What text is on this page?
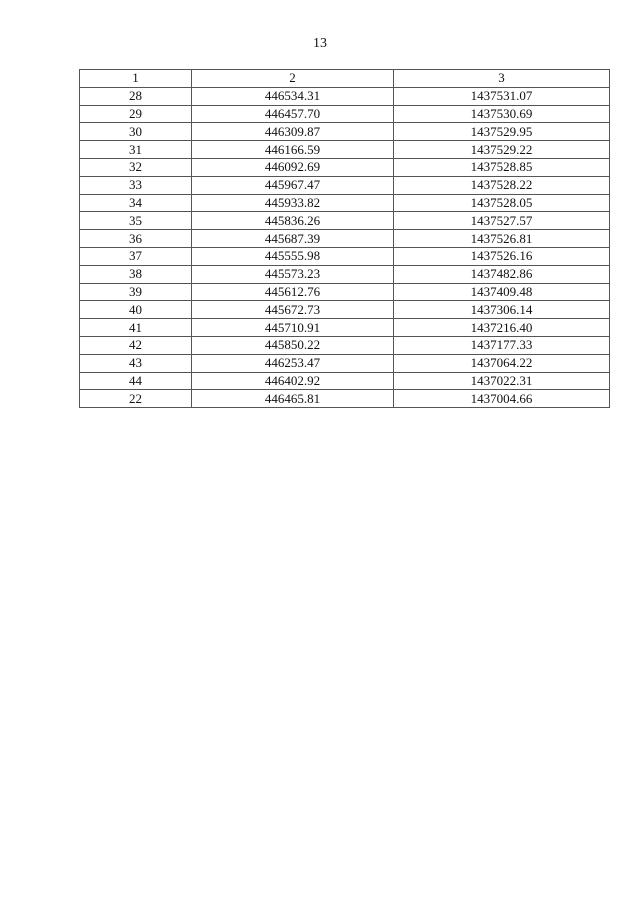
13
1	2	3
28	446534.31	1437531.07
29	446457.70	1437530.69
30	446309.87	1437529.95
31	446166.59	1437529.22
32	446092.69	1437528.85
33	445967.47	1437528.22
34	445933.82	1437528.05
35	445836.26	1437527.57
36	445687.39	1437526.81
37	445555.98	1437526.16
38	445573.23	1437482.86
39	445612.76	1437409.48
40	445672.73	1437306.14
41	445710.91	1437216.40
42	445850.22	1437177.33
43	446253.47	1437064.22
44	446402.92	1437022.31
22	446465.81	1437004.66
